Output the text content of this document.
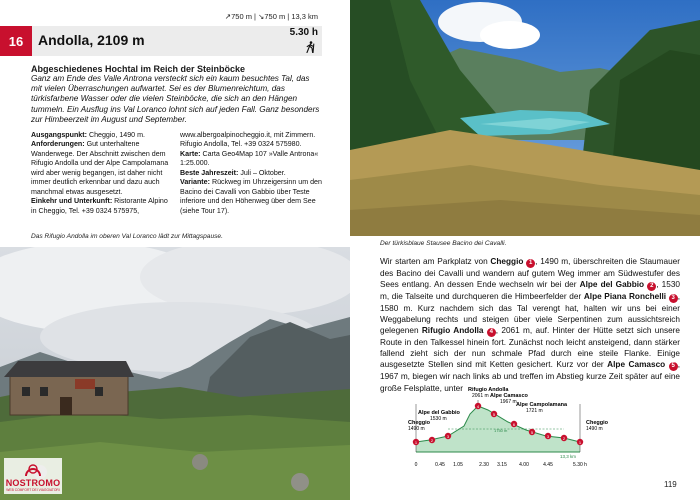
↗750 m | ↘750 m | 13,3 km
16	Andolla, 2109 m	5.30 h
Abgeschiedenes Hochtal im Reich der Steinböcke
Ganz am Ende des Valle Antrona versteckt sich ein kaum besuchtes Tal, das mit vielen Überraschungen aufwartet. Sei es der Blumenreichtum, das türkisfarbene Wasser oder die vielen Steinböcke, die sich an den Hängen tummeln. Ein Ausflug ins Val Loranco lohnt sich auf jeden Fall. Ganz besonders zur Himbeerzeit im August und September.
Ausgangspunkt: Cheggio, 1490 m.
Anforderungen: Gut unterhaltene Wanderwege. Der Abschnitt zwischen dem Rifugio Andolla und der Alpe Campolamana wird aber wenig begangen, ist daher nicht immer deutlich erkennbar und dazu auch manchmal etwas ausgesetzt.
Einkehr und Unterkunft: Ristorante Alpino in Cheggio, Tel. +39 0324 575975,
www.albergoalpinocheggio.it, mit Zimmern. Rifugio Andolla, Tel. +39 0324 575980.
Karte: Carta Geo4Map 107 »Valle Antrona« 1:25.000.
Beste Jahreszeit: Juli – Oktober.
Variante: Rückweg im Uhrzeigersinn um den Bacino dei Cavalli von Gabbio über Teste inferiore und den Höhenweg über dem See (siehe Tour 17).
Das Rifugio Andolla im oberen Val Loranco lädt zur Mittagspause.
NOSTROMO
WEB COMFORT DEI VIAGGIATORI
Der türkisblaue Stausee Bacino dei Cavalli.
Wir starten am Parkplatz von Cheggio 1 , 1490 m, überschreiten die Staumauer des Bacino dei Cavalli und wandern auf gutem Weg immer am Südwestufer des Sees entlang. An dessen Ende wechseln wir bei der Alpe del Gabbio 2 , 1530 m, die Talseite und durchqueren die Himbeerfelder der Alpe Piana Ronchelli 3 , 1580 m. Kurz nachdem sich das Tal verengt hat, halten wir uns bei einer Weggabelung rechts und steigen über viele Serpentinen zum aussichtsreich gelegenen Rifugio Andolla 4 , 2061 m, auf. Hinter der Hütte setzt sich unsere Route in den Talkessel hinein fort. Zunächst noch leicht ansteigend, dann stärker fallend zieht sich der nun schmale Pfad durch eine steile Flanke. Einige ausgesetzte Stellen sind mit Ketten gesichert. Kurz vor der Alpe Camasco 5 , 1967 m, biegen wir nach links ab und treffen im Abstieg kurze Zeit später auf eine große Felsplatte, unter Rifugio Andolla
2061 m Alpe Camasco
1967 m Alpe Campolamana
1721 m
Alpe del Gabbio
1530 m
Cheggio
1490 m
Cheggio
1490 m
1750 m
1	2
3
4
5
6
5
3	2
1
13,3 km
0	0.45 1.05	2.30 3.15 4.00	4.45	5.30 h
119
